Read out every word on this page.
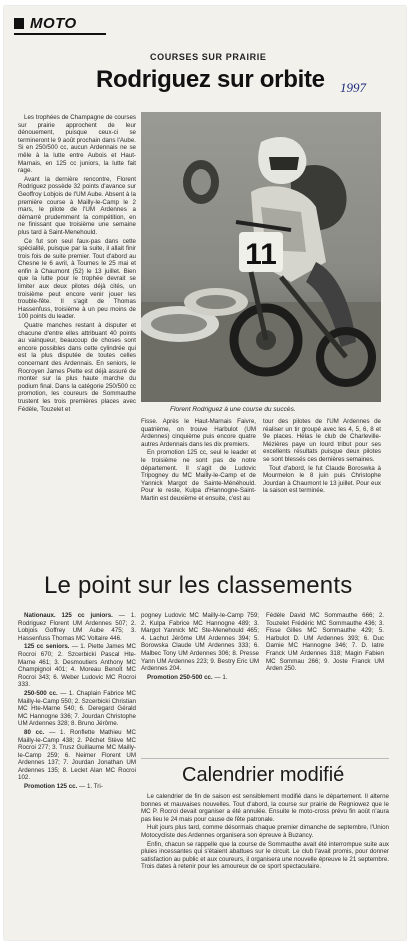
MOTO
COURSES SUR PRAIRIE
Rodriguez sur orbite 1997

Les trophées de Champagne de courses sur prairie approchent de leur dénouement, puisque ceux-ci se termineront le 9 août prochain dans l'Aube. Si en 250/500 cc, aucun Ardennais ne se mêle à la lutte entre Aubois et Haut-Marnais, en 125 cc juniors, la lutte fait rage.

Avant la dernière rencontre, Florent Rodriguez possède 32 points d'avance sur Geoffroy Lobjois de l'UM Aube. Absent à la première course à Mailly-le-Camp le 2 mars, le pilote de l'UM Ardennes a démarré prudemment la compétition, en ne finissant que troisième une semaine plus tard à Saint-Menehould.

Ce fut son seul faux-pas dans cette spécialité, puisque par la suite, il allait finir trois fois de suite premier. Tout d'abord au Chesne le 6 avril, à Toumes le 25 mai et enfin à Chaumont (52) le 13 juillet. Bien que la lutte pour le trophée devrait se limiter aux deux pilotes déjà cités, un troisième peut encore venir jouer les trouble-fête. Il s'agit de Thomas Hassenfuss, troisième à un peu moins de 100 points du leader.

Quatre manches restant à disputer et chacune d'entre elles attribuant 40 points au vainqueur, beaucoup de choses sont encore possibles dans cette cylindrée qui est la plus disputée de toutes celles concernant des Ardennais. En seniors, le Rocroyen James Piette est déjà assuré de monter sur la plus haute marche du podium final. Dans la catégorie 250/500 cc promotion, les coureurs de Sommauthe trustent les trois premières places avec Fédèle, Touzelet et

11
Florent Rodriguez à une course du succès.

Fisse. Après le Haut-Marnais Faivre, quatrième, on trouve Harbulot (UM Ardennes) cinquième puis encore quatre autres Ardennais dans les dix premiers.

En promotion 125 cc, seul le leader et le troisième ne sont pas de notre département. Il s'agit de Ludovic Tripogney du MC Mailly-le-Camp et de Yannick Margot de Sainte-Ménéhould. Pour le reste, Kulpa d'Hannogne-Saint-Martin est deuxième et ensuite, c'est au

tour des pilotes de l'UM Ardennes de réaliser un tir groupé avec les 4, 5, 6, 8 et 9e places. Hélas le club de Charleville-Mézières paye un lourd tribut pour ses excellents résultats puisque deux pilotes se sont blessés ces dernières semaines.

Tout d'abord, le fut Claude Boroswka à Mourmelon le 8 juin puis Christophe Jourdan à Chaumont le 13 juillet. Pour eux la saison est terminée.

Le point sur les classements

Nationaux. 125 cc juniors. — 1. Rodriguez Florent UM Ardennes 507; 2. Lobjois Goffrey UM Aube 475; 3. Hassenfuss Thomas MC Voltaire 446.

125 cc seniors. — 1. Piette James MC Rocroi 670; 2. Szcerbicki Pascal Hte-Marne 461; 3. Desmoutiers Anthony MC Champignol 401; 4. Moreau Benoît MC Rocroi 343; 6. Weber Ludovic MC Rocroi 333.

250-500 cc. — 1. Chaplain Fabrice MC Mailly-le-Camp 550; 2. Szcerbicki Christian MC Hte-Marne 540; 6. Deregard Gérald MC Hannogne 336; 7. Jourdan Christophe UM Ardennes 328; 8. Bruno Jérôme.

80 cc. — 1. Ronflette Mathieu MC Mailly-le-Camp 438; 2. Pêchet Stève MC Rocroi 277; 3. Trusz Guillaume MC Mailly-le-Camp 259; 6. Neimer Florent UM Ardennes 137; 7. Jourdan Jonathan UM Ardennes 135; 8. Leclet Alan MC Rocroi 102.

Promotion 125 cc. — 1. Tri-

pogney Ludovic MC Mailly-le-Camp 759; 2. Kulpa Fabrice MC Hannogne 489; 3. Margot Yannick MC Ste-Menehould 465; 4. Lachut Jérôme UM Ardennes 394; 5. Borowska Claude UM Ardennes 333; 6. Malbec Tony UM Ardennes 306; 8. Presse Yann UM Ardennes 223; 9. Bestry Eric UM Ardennes 204.

Promotion 250-500 cc. — 1.

Fédèle David MC Sommauthe 666; 2. Touzelet Frédéric MC Sommauthe 436; 3. Fisse Gilles MC Sommauthe 429; 5. Harbulot D. UM Ardennes 393; 6. Duc Damie MC Hannogne 346; 7. D. latre Franck UM Ardennes 318; Magin Fabien MC Sommau 266; 9. Joste Franck UM Arden 250.

Calendrier modifié

Le calendrier de fin de saison est sensiblement modifié dans le département. Il alterne bonnes et mauvaises nouvelles. Tout d'abord, la course sur prairie de Regniowez que le MC P. Rocroi devait organiser a été annulée. Ensuite le moto-cross prévu fin août n'aura pas lieu le 24 mais pour cause de fête patronale.

Huit jours plus tard, comme désormais chaque premier dimanche de septembre, l'Union Motocycliste des Ardennes organisera son épreuve à Buzancy.

Enfin, chacun se rappelle que la course de Sommauthe avait été interrompue suite aux pluies incessantes qui s'étaient abattues sur le circuit. Le club l'avait promis, pour donner satisfaction au public et aux coureurs, il organisera une nouvelle épreuve le 21 septembre. Trois dates à retenir pour les amoureux de ce sport spectaculaire.
